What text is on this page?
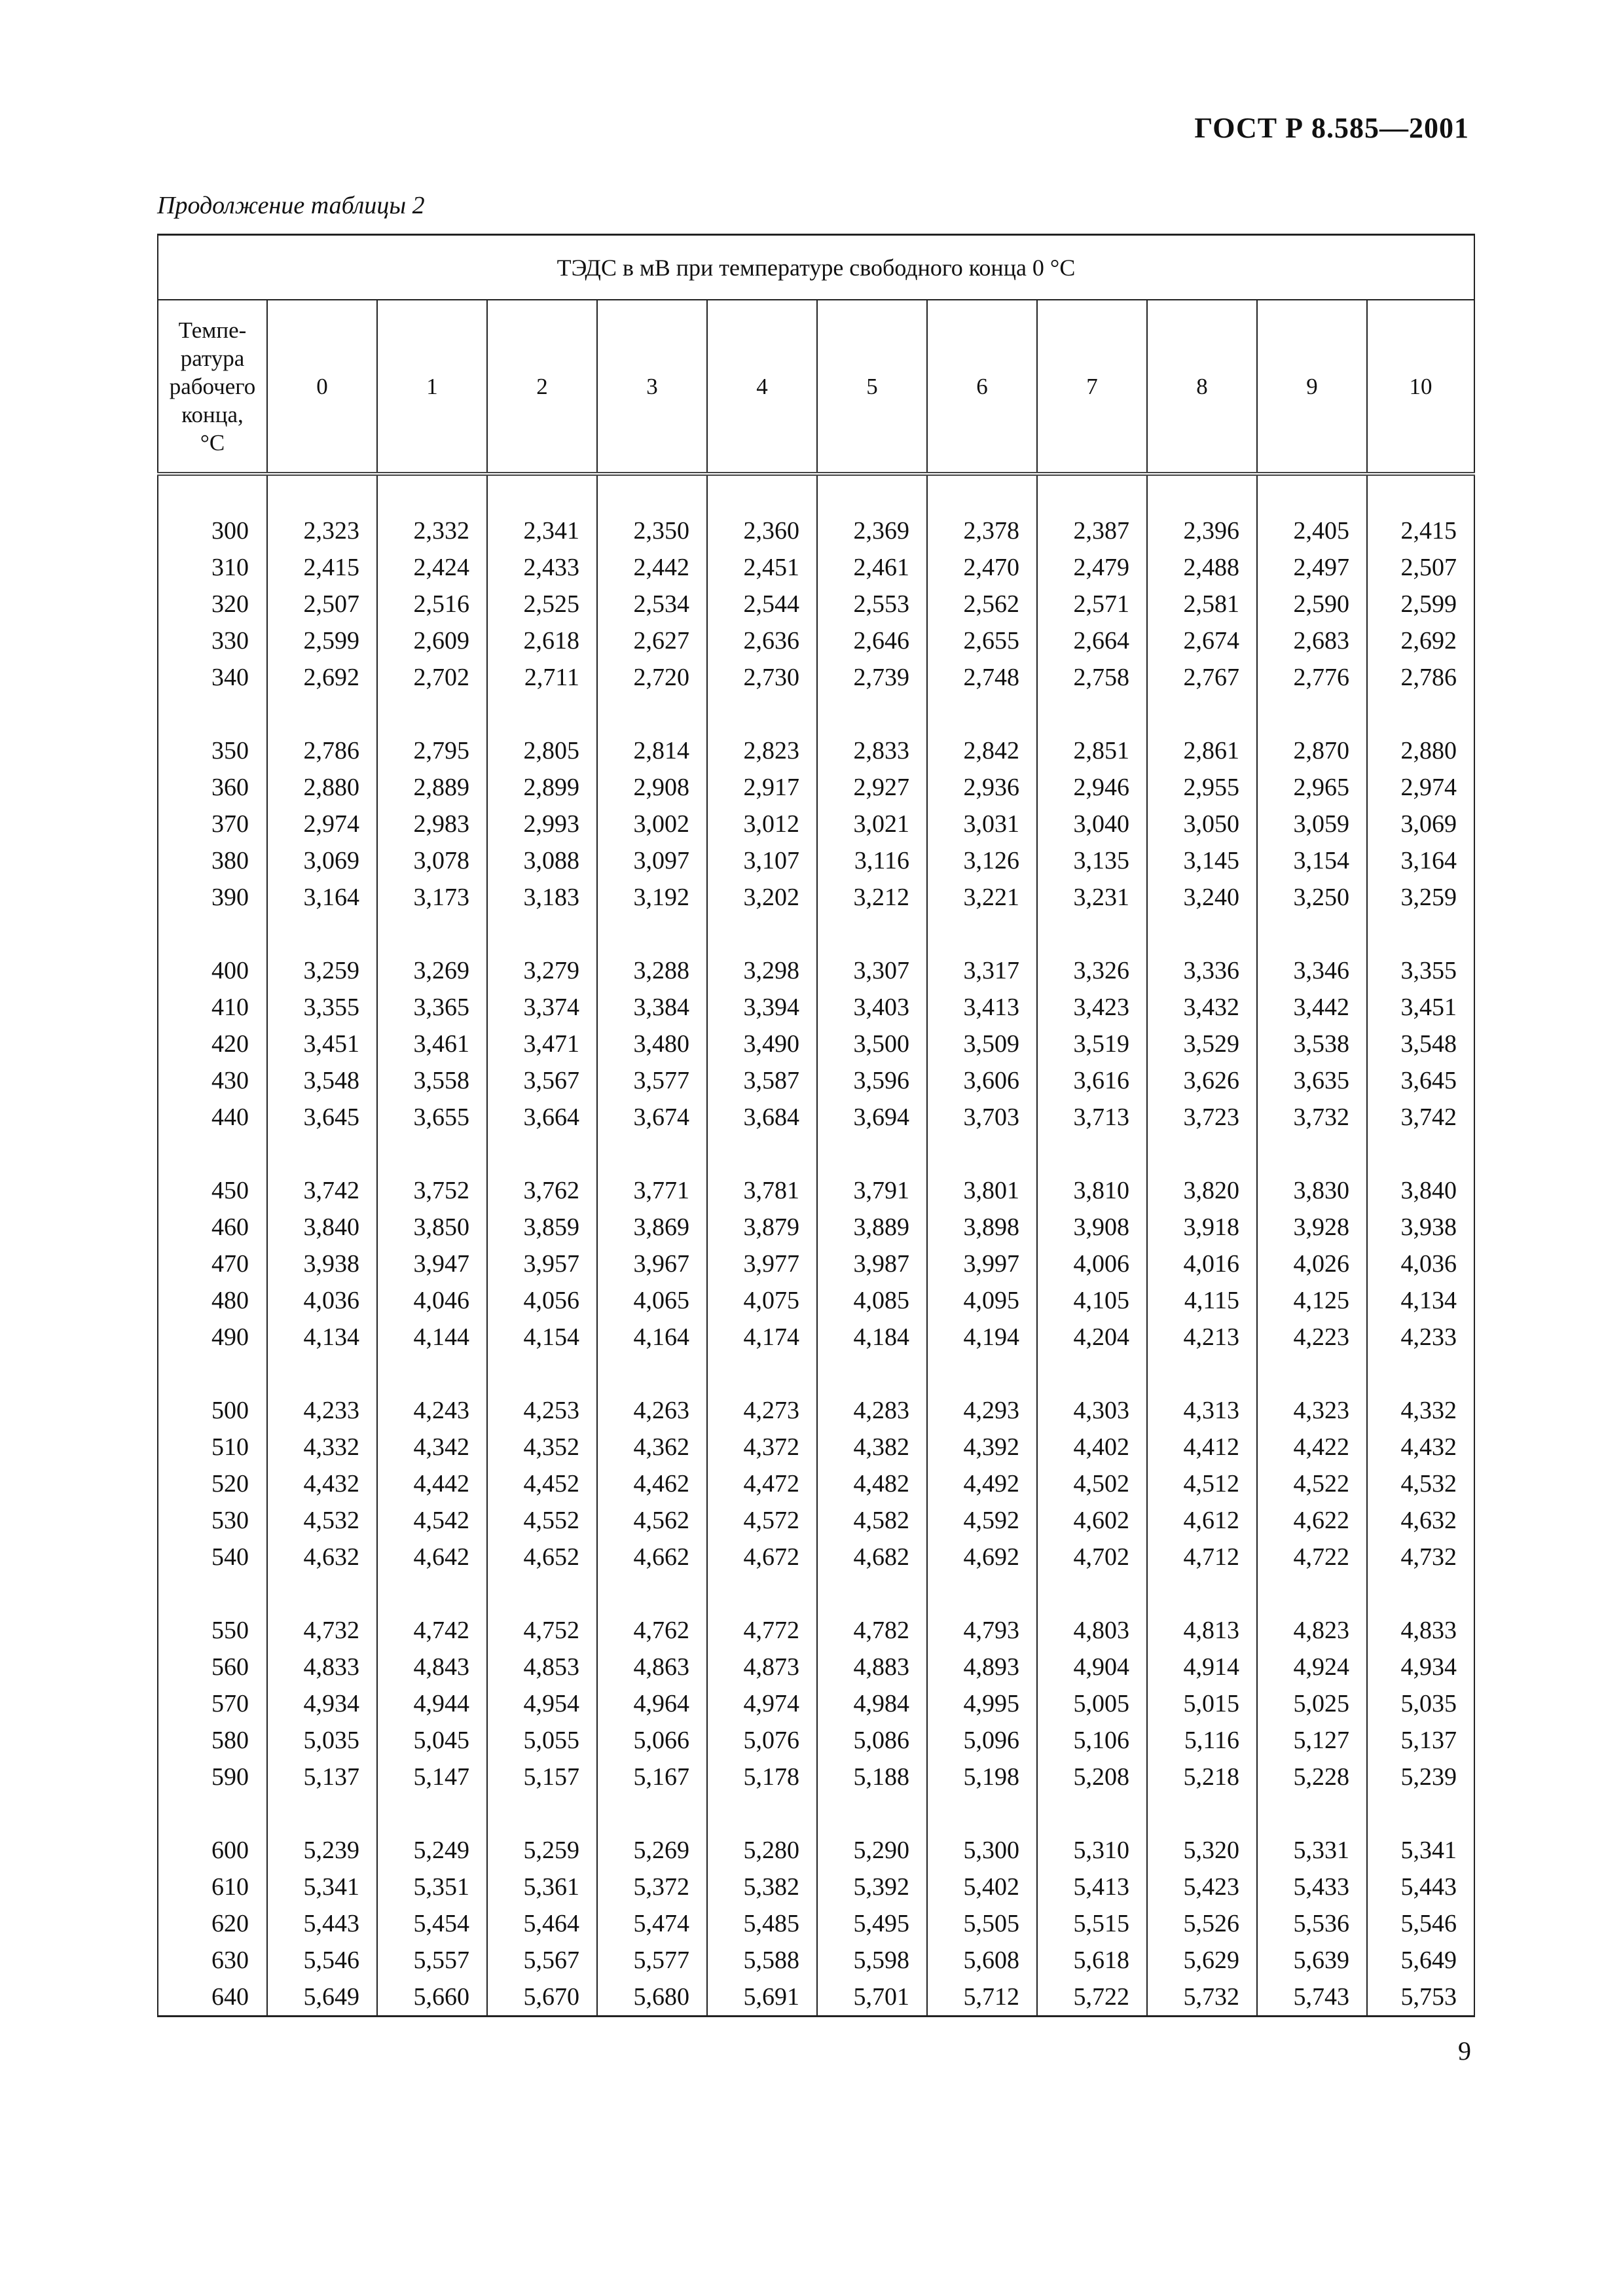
ГОСТ Р 8.585—2001
Продолжение таблицы 2
ТЭДС в мВ при температуре свободного конца 0 °С											

Темпе-
ратура
рабочего
конца,
°С	0	1	2	3	4	5	6	7	8	9	10

300	2,323	2,332	2,341	2,350	2,360	2,369	2,378	2,387	2,396	2,405	2,415
310	2,415	2,424	2,433	2,442	2,451	2,461	2,470	2,479	2,488	2,497	2,507
320	2,507	2,516	2,525	2,534	2,544	2,553	2,562	2,571	2,581	2,590	2,599
330	2,599	2,609	2,618	2,627	2,636	2,646	2,655	2,664	2,674	2,683	2,692
340	2,692	2,702	2,711	2,720	2,730	2,739	2,748	2,758	2,767	2,776	2,786

350	2,786	2,795	2,805	2,814	2,823	2,833	2,842	2,851	2,861	2,870	2,880
360	2,880	2,889	2,899	2,908	2,917	2,927	2,936	2,946	2,955	2,965	2,974
370	2,974	2,983	2,993	3,002	3,012	3,021	3,031	3,040	3,050	3,059	3,069
380	3,069	3,078	3,088	3,097	3,107	3,116	3,126	3,135	3,145	3,154	3,164
390	3,164	3,173	3,183	3,192	3,202	3,212	3,221	3,231	3,240	3,250	3,259

400	3,259	3,269	3,279	3,288	3,298	3,307	3,317	3,326	3,336	3,346	3,355
410	3,355	3,365	3,374	3,384	3,394	3,403	3,413	3,423	3,432	3,442	3,451
420	3,451	3,461	3,471	3,480	3,490	3,500	3,509	3,519	3,529	3,538	3,548
430	3,548	3,558	3,567	3,577	3,587	3,596	3,606	3,616	3,626	3,635	3,645
440	3,645	3,655	3,664	3,674	3,684	3,694	3,703	3,713	3,723	3,732	3,742

450	3,742	3,752	3,762	3,771	3,781	3,791	3,801	3,810	3,820	3,830	3,840
460	3,840	3,850	3,859	3,869	3,879	3,889	3,898	3,908	3,918	3,928	3,938
470	3,938	3,947	3,957	3,967	3,977	3,987	3,997	4,006	4,016	4,026	4,036
480	4,036	4,046	4,056	4,065	4,075	4,085	4,095	4,105	4,115	4,125	4,134
490	4,134	4,144	4,154	4,164	4,174	4,184	4,194	4,204	4,213	4,223	4,233

500	4,233	4,243	4,253	4,263	4,273	4,283	4,293	4,303	4,313	4,323	4,332
510	4,332	4,342	4,352	4,362	4,372	4,382	4,392	4,402	4,412	4,422	4,432
520	4,432	4,442	4,452	4,462	4,472	4,482	4,492	4,502	4,512	4,522	4,532
530	4,532	4,542	4,552	4,562	4,572	4,582	4,592	4,602	4,612	4,622	4,632
540	4,632	4,642	4,652	4,662	4,672	4,682	4,692	4,702	4,712	4,722	4,732

550	4,732	4,742	4,752	4,762	4,772	4,782	4,793	4,803	4,813	4,823	4,833
560	4,833	4,843	4,853	4,863	4,873	4,883	4,893	4,904	4,914	4,924	4,934
570	4,934	4,944	4,954	4,964	4,974	4,984	4,995	5,005	5,015	5,025	5,035
580	5,035	5,045	5,055	5,066	5,076	5,086	5,096	5,106	5,116	5,127	5,137
590	5,137	5,147	5,157	5,167	5,178	5,188	5,198	5,208	5,218	5,228	5,239

600	5,239	5,249	5,259	5,269	5,280	5,290	5,300	5,310	5,320	5,331	5,341
610	5,341	5,351	5,361	5,372	5,382	5,392	5,402	5,413	5,423	5,433	5,443
620	5,443	5,454	5,464	5,474	5,485	5,495	5,505	5,515	5,526	5,536	5,546
630	5,546	5,557	5,567	5,577	5,588	5,598	5,608	5,618	5,629	5,639	5,649
640	5,649	5,660	5,670	5,680	5,691	5,701	5,712	5,722	5,732	5,743	5,753
9
